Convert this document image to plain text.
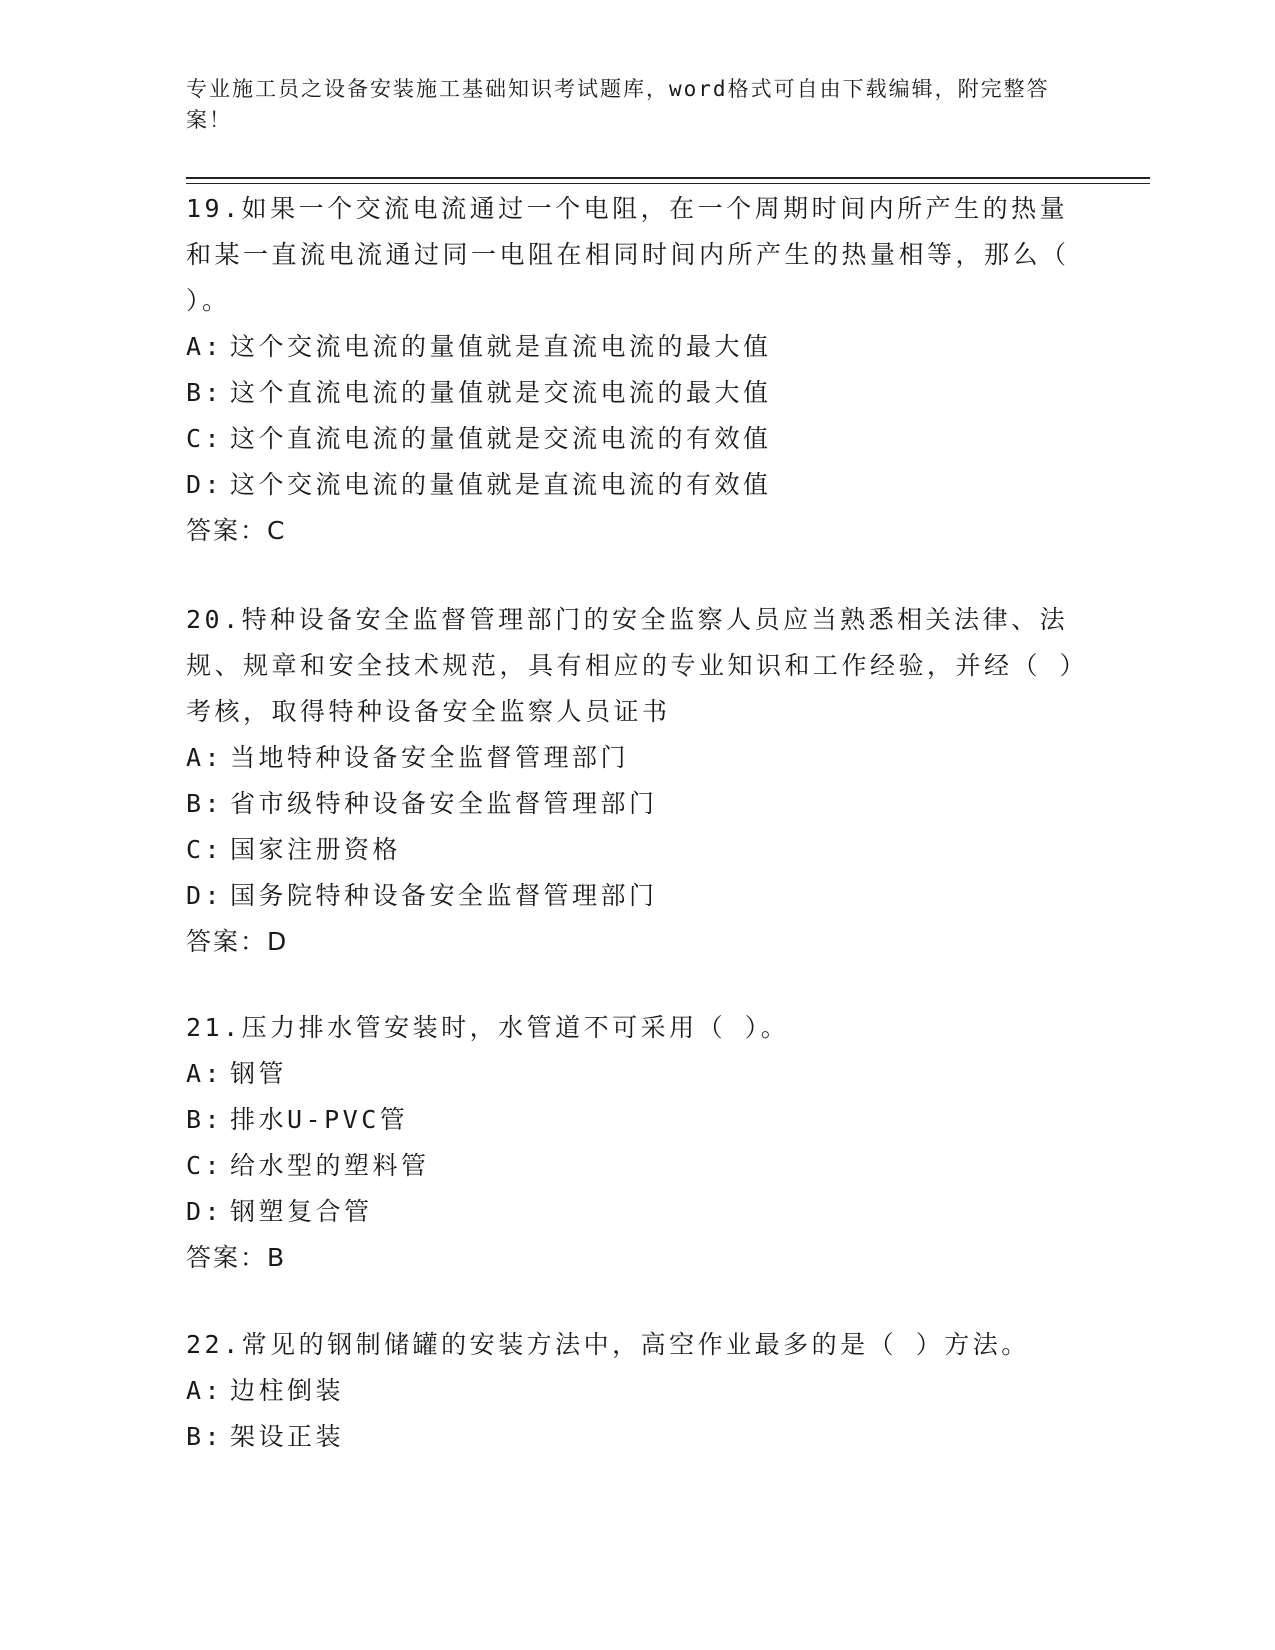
专业施工员之设备安装施工基础知识考试题库，word格式可自由下载编辑，附完整答案！
19.如果一个交流电流通过一个电阻，在一个周期时间内所产生的热量和某一直流电流通过同一电阻在相同时间内所产生的热量相等，那么（ ）。
A: 这个交流电流的量值就是直流电流的最大值
B: 这个直流电流的量值就是交流电流的最大值
C: 这个直流电流的量值就是交流电流的有效值
D: 这个交流电流的量值就是直流电流的有效值
答案：C
20.特种设备安全监督管理部门的安全监察人员应当熟悉相关法律、法规、规章和安全技术规范，具有相应的专业知识和工作经验，并经（ ）考核，取得特种设备安全监察人员证书
A: 当地特种设备安全监督管理部门
B: 省市级特种设备安全监督管理部门
C: 国家注册资格
D: 国务院特种设备安全监督管理部门
答案：D
21.压力排水管安装时，水管道不可采用（ ）。
A: 钢管
B: 排水U-PVC管
C: 给水型的塑料管
D: 钢塑复合管
答案：B
22.常见的钢制储罐的安装方法中，高空作业最多的是（ ）方法。
A: 边柱倒装
B: 架设正装
